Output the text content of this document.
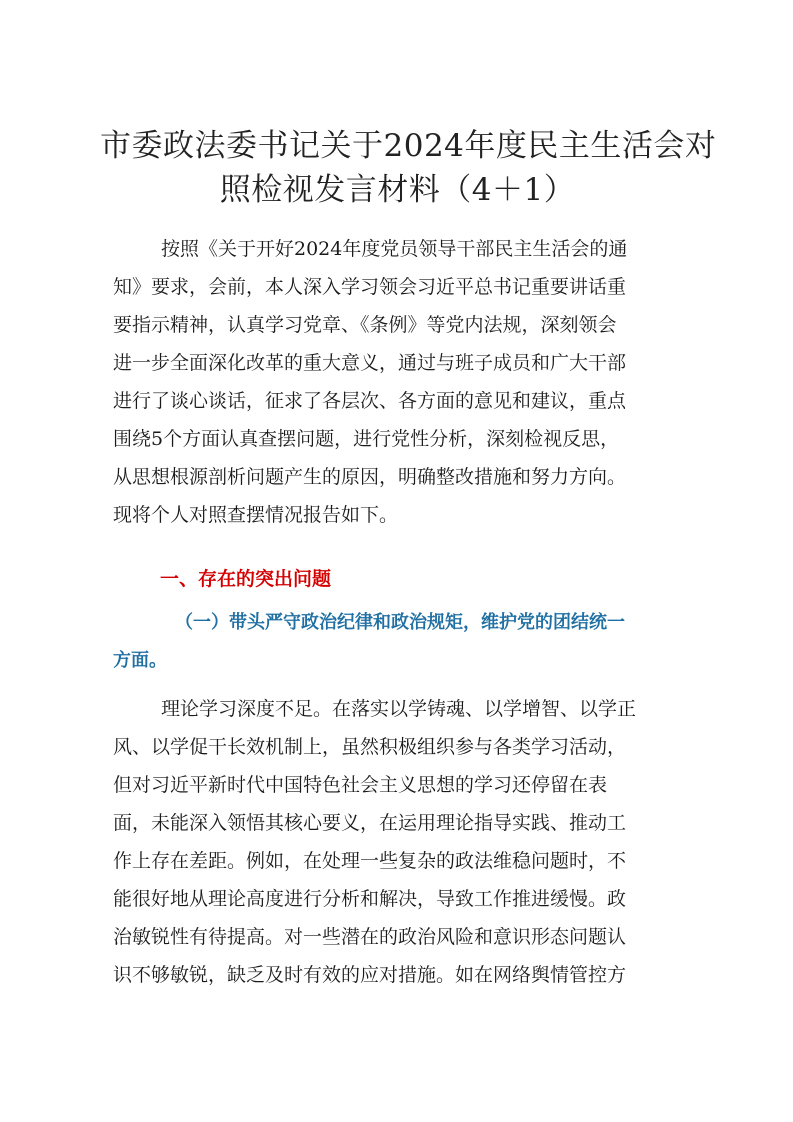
市委政法委书记关于2024年度民主生活会对
照检视发言材料（4＋1）

按照《关于开好2024年度党员领导干部民主生活会的通
知》要求，会前，本人深入学习领会习近平总书记重要讲话重
要指示精神，认真学习党章、《条例》等党内法规，深刻领会
进一步全面深化改革的重大意义，通过与班子成员和广大干部
进行了谈心谈话，征求了各层次、各方面的意见和建议，重点
围绕5个方面认真查摆问题，进行党性分析，深刻检视反思，
从思想根源剖析问题产生的原因，明确整改措施和努力方向。
现将个人对照查摆情况报告如下。

一、存在的突出问题

（一）带头严守政治纪律和政治规矩，维护党的团结统一
方面。

理论学习深度不足。在落实以学铸魂、以学增智、以学正
风、以学促干长效机制上，虽然积极组织参与各类学习活动，
但对习近平新时代中国特色社会主义思想的学习还停留在表
面，未能深入领悟其核心要义，在运用理论指导实践、推动工
作上存在差距。例如，在处理一些复杂的政法维稳问题时，不
能很好地从理论高度进行分析和解决，导致工作推进缓慢。政
治敏锐性有待提高。对一些潜在的政治风险和意识形态问题认
识不够敏锐，缺乏及时有效的应对措施。如在网络舆情管控方
